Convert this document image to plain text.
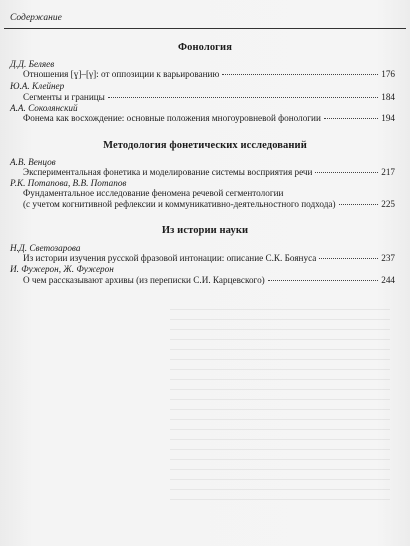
Содержание
Фонология
Д.Д. Беляев
Отношения [ɣ]–[γ]: от оппозиции к варьированию	176
Ю.А. Клейнер
Сегменты и границы	184
А.А. Соколянский
Фонема как восхождение: основные положения многоуровневой фонологии	194
Методология фонетических исследований
А.В. Венцов
Экспериментальная фонетика и моделирование системы восприятия речи	217
Р.К. Потапова, В.В. Потапов
Фундаментальное исследование феномена речевой сегментологии
(с учетом когнитивной рефлексии и коммуникативно-деятельностного подхода)	225
Из истории науки
Н.Д. Светозарова
Из истории изучения русской фразовой интонации: описание С.К. Боянуса	237
И. Фужерон, Ж. Фужерон
О чем рассказывают архивы (из переписки С.И. Карцевского)	244
